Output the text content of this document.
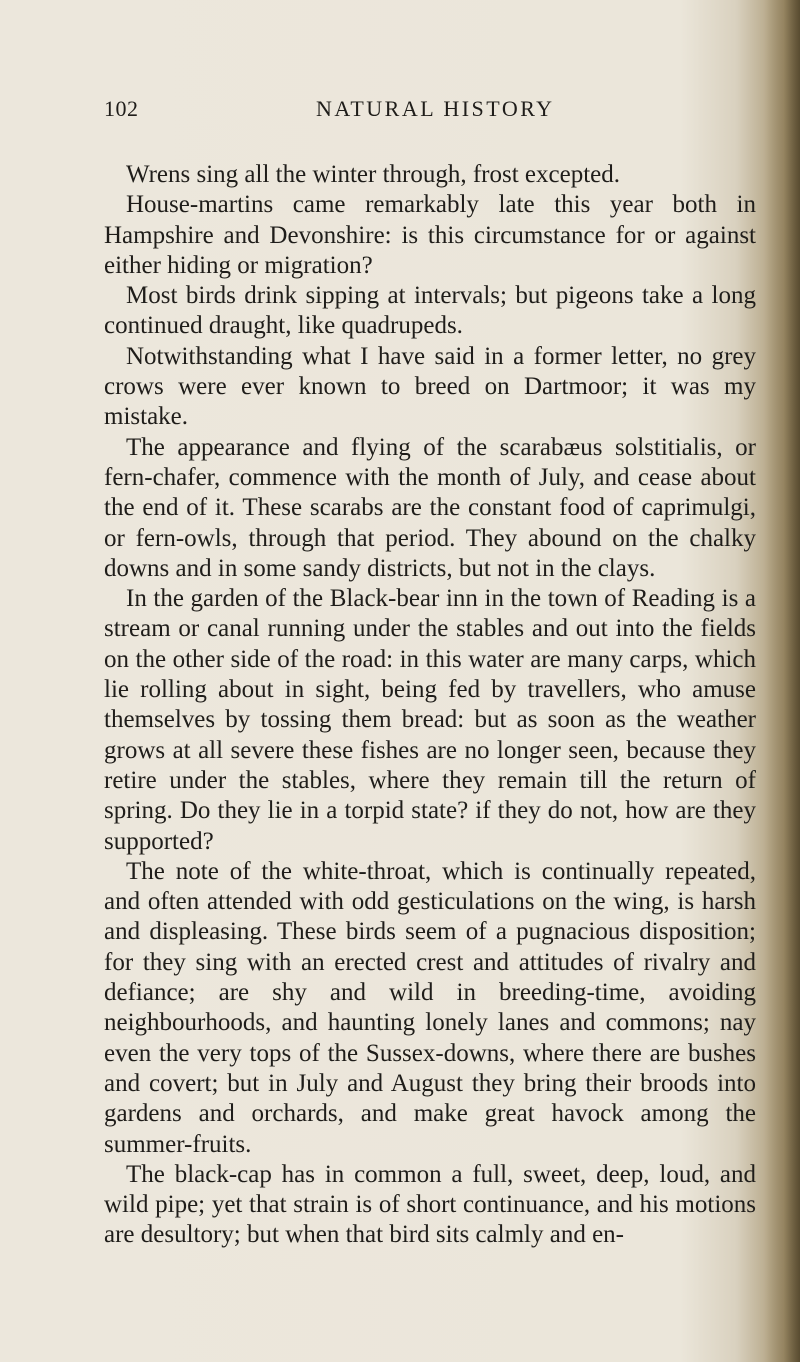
102	NATURAL HISTORY

Wrens sing all the winter through, frost excepted.

House-martins came remarkably late this year both in Hampshire and Devonshire: is this circumstance for or against either hiding or migration?

Most birds drink sipping at intervals; but pigeons take a long continued draught, like quadrupeds.

Notwithstanding what I have said in a former letter, no grey crows were ever known to breed on Dartmoor; it was my mistake.

The appearance and flying of the scarabæus solstitialis, or fern-chafer, commence with the month of July, and cease about the end of it. These scarabs are the constant food of caprimulgi, or fern-owls, through that period. They abound on the chalky downs and in some sandy districts, but not in the clays.

In the garden of the Black-bear inn in the town of Reading is a stream or canal running under the stables and out into the fields on the other side of the road: in this water are many carps, which lie rolling about in sight, being fed by travellers, who amuse themselves by tossing them bread: but as soon as the weather grows at all severe these fishes are no longer seen, because they retire under the stables, where they remain till the return of spring. Do they lie in a torpid state? if they do not, how are they supported?

The note of the white-throat, which is continually repeated, and often attended with odd gesticulations on the wing, is harsh and displeasing. These birds seem of a pugnacious disposition; for they sing with an erected crest and attitudes of rivalry and defiance; are shy and wild in breeding-time, avoiding neighbourhoods, and haunting lonely lanes and commons; nay even the very tops of the Sussex-downs, where there are bushes and covert; but in July and August they bring their broods into gardens and orchards, and make great havock among the summer-fruits.

The black-cap has in common a full, sweet, deep, loud, and wild pipe; yet that strain is of short continuance, and his motions are desultory; but when that bird sits calmly and en-
